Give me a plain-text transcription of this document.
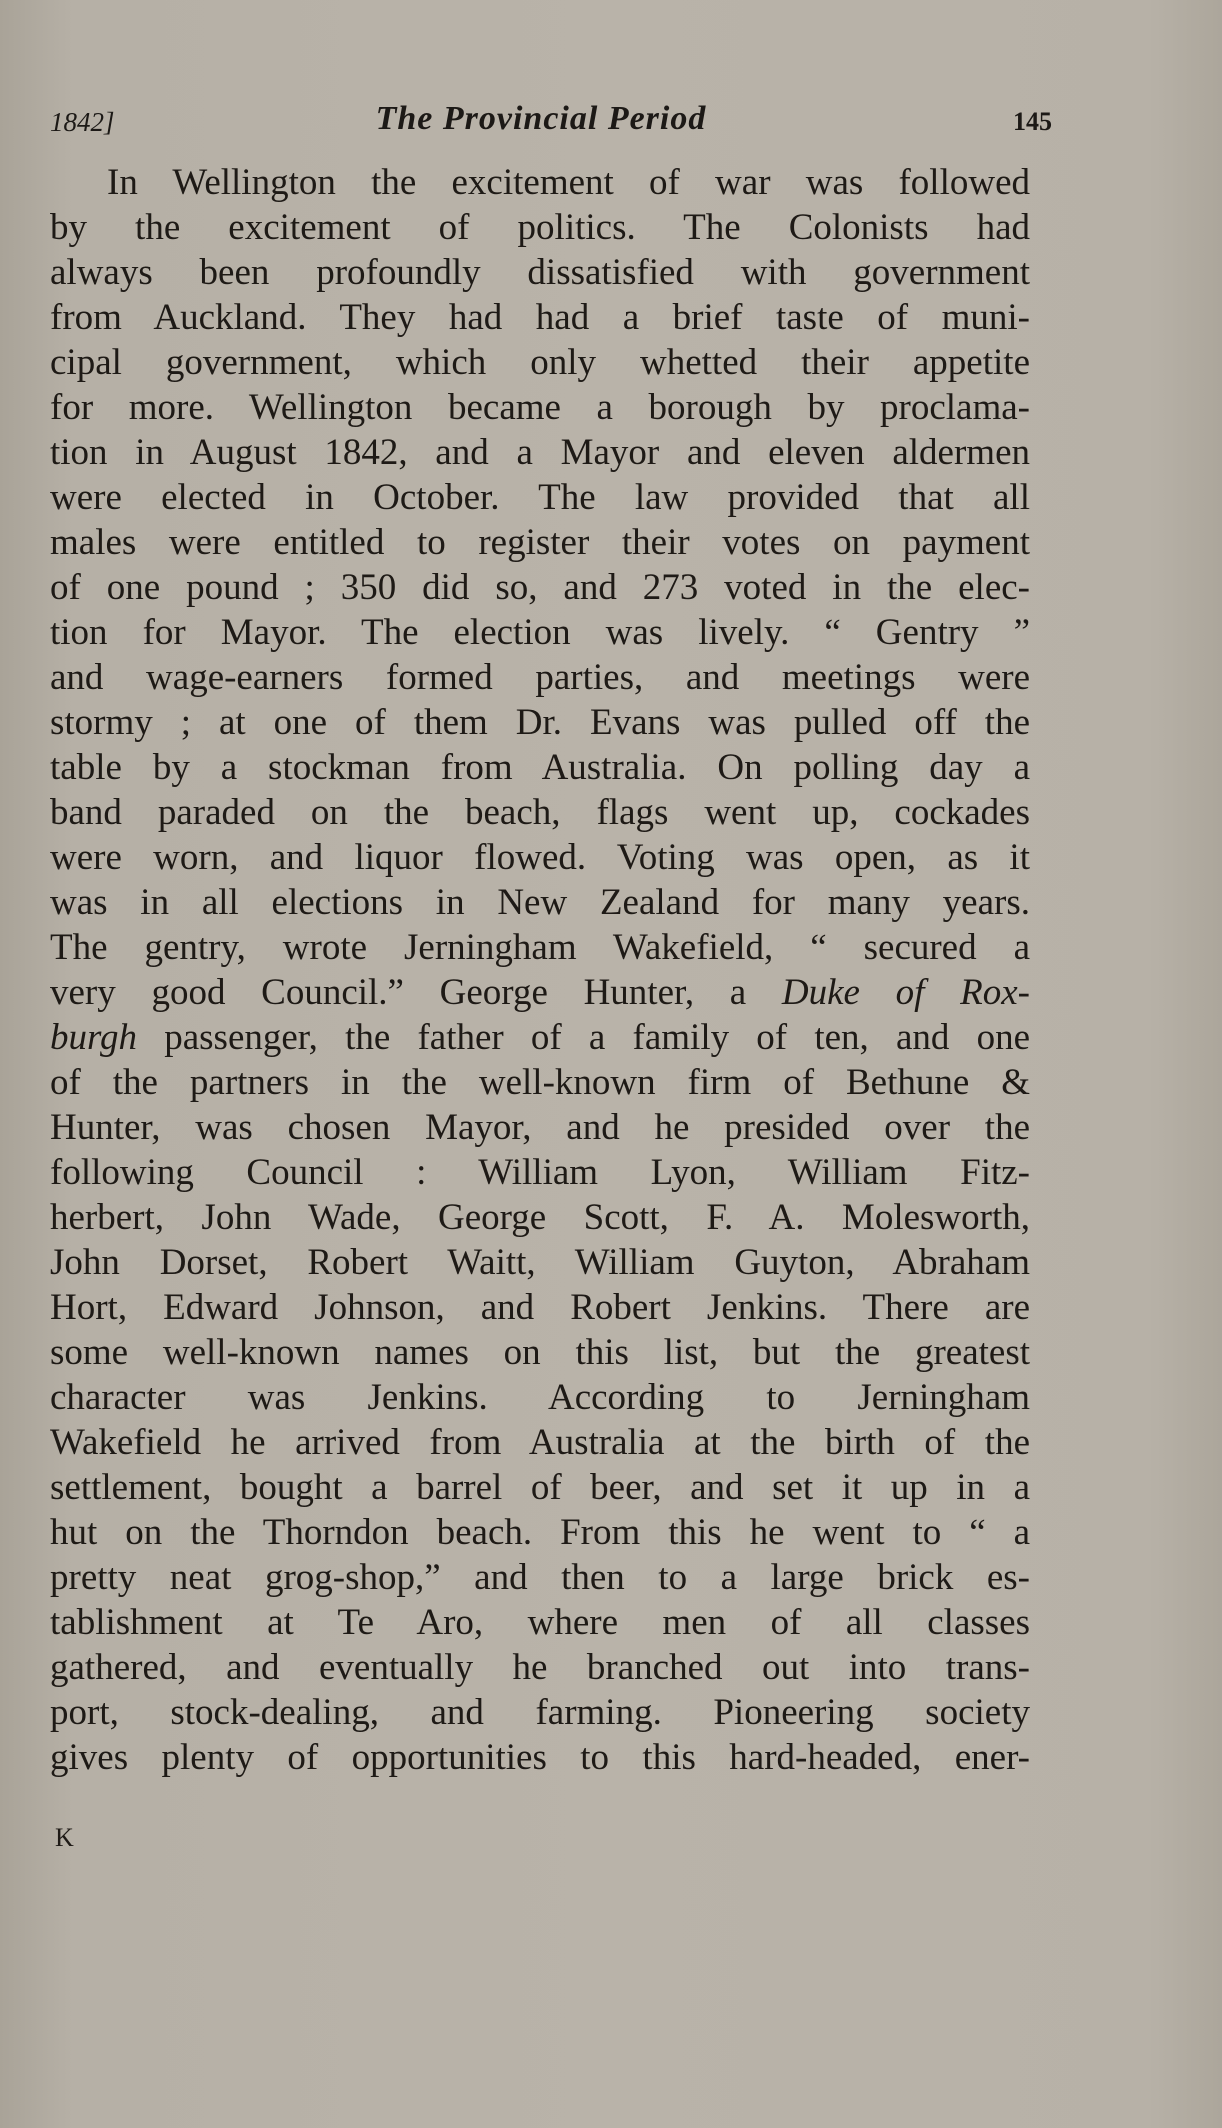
1842]	The Provincial Period	145
In Wellington the excitement of war was followed
by the excitement of politics. The Colonists had
always been profoundly dissatisfied with government
from Auckland. They had had a brief taste of muni-
cipal government, which only whetted their appetite
for more. Wellington became a borough by proclama-
tion in August 1842, and a Mayor and eleven aldermen
were elected in October. The law provided that all
males were entitled to register their votes on payment
of one pound ; 350 did so, and 273 voted in the elec-
tion for Mayor. The election was lively. “ Gentry ”
and wage-earners formed parties, and meetings were
stormy ; at one of them Dr. Evans was pulled off the
table by a stockman from Australia. On polling day a
band paraded on the beach, flags went up, cockades
were worn, and liquor flowed. Voting was open, as it
was in all elections in New Zealand for many years.
The gentry, wrote Jerningham Wakefield, “ secured a
very good Council.” George Hunter, a Duke of Rox-
burgh passenger, the father of a family of ten, and one
of the partners in the well-known firm of Bethune &
Hunter, was chosen Mayor, and he presided over the
following Council : William Lyon, William Fitz-
herbert, John Wade, George Scott, F. A. Molesworth,
John Dorset, Robert Waitt, William Guyton, Abraham
Hort, Edward Johnson, and Robert Jenkins. There are
some well-known names on this list, but the greatest
character was Jenkins. According to Jerningham
Wakefield he arrived from Australia at the birth of the
settlement, bought a barrel of beer, and set it up in a
hut on the Thorndon beach. From this he went to “ a
pretty neat grog-shop,” and then to a large brick es-
tablishment at Te Aro, where men of all classes
gathered, and eventually he branched out into trans-
port, stock-dealing, and farming. Pioneering society
gives plenty of opportunities to this hard-headed, ener-
K
